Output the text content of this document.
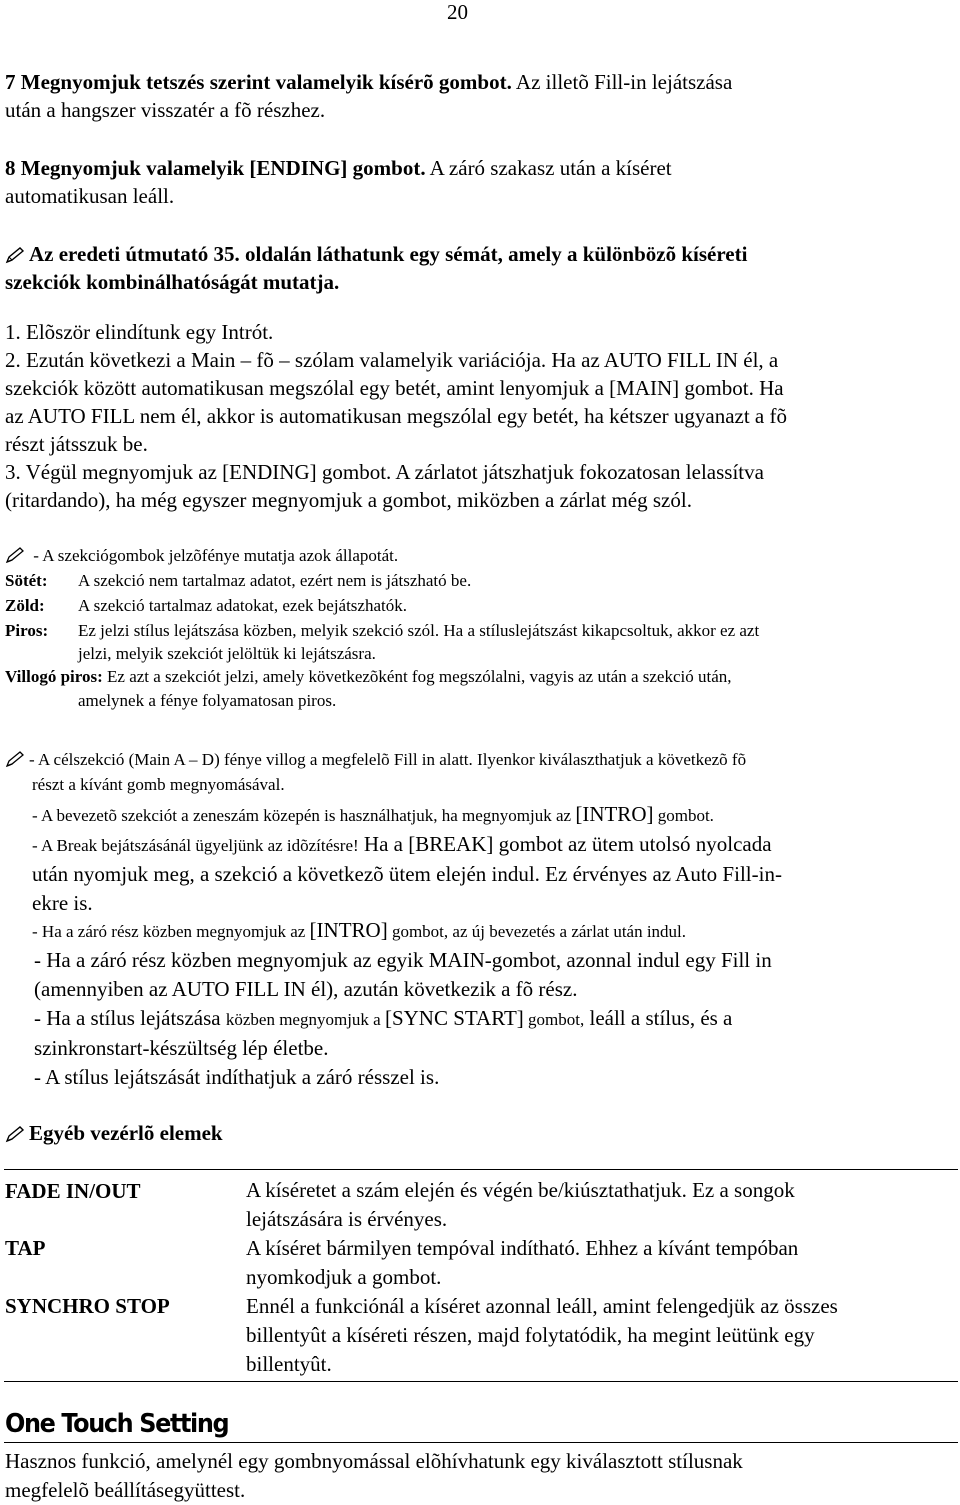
20
7 Megnyomjuk tetszés szerint valamelyik kísérõ gombot. Az illetõ Fill-in lejátszása
után a hangszer visszatér a fõ részhez.
8 Megnyomjuk valamelyik [ENDING] gombot. A záró szakasz után a kíséret
automatikusan leáll.
Az eredeti útmutató 35. oldalán láthatunk egy sémát, amely a különbözõ kíséreti
szekciók kombinálhatóságát mutatja.
1. Elõször elindítunk egy Intrót.
2. Ezután következi a Main – fõ – szólam valamelyik variációja. Ha az AUTO FILL IN él, a
szekciók között automatikusan megszólal egy betét, amint lenyomjuk a [MAIN] gombot. Ha
az AUTO FILL nem él, akkor is automatikusan megszólal egy betét, ha kétszer ugyanazt a fõ
részt játsszuk be.
3. Végül megnyomjuk az [ENDING] gombot. A zárlatot játszhatjuk fokozatosan lelassítva
(ritardando), ha még egyszer megnyomjuk a gombot, miközben a zárlat még szól.
- A szekciógombok jelzõfénye mutatja azok állapotát.
Sötét: A szekció nem tartalmaz adatot, ezért nem is játszható be.
Zöld: A szekció tartalmaz adatokat, ezek bejátszhatók.
Piros: Ez jelzi stílus lejátszása közben, melyik szekció szól. Ha a stíluslejátszást kikapcsoltuk, akkor ez azt
jelzi, melyik szekciót jelöltük ki lejátszásra.
Villogó piros: Ez azt a szekciót jelzi, amely következõként fog megszólalni, vagyis az után a szekció után,
amelynek a fénye folyamatosan piros.
- A célszekció (Main A – D) fénye villog a megfelelõ Fill in alatt. Ilyenkor kiválaszthatjuk a következõ fõ
részt a kívánt gomb megnyomásával.
- A bevezetõ szekciót a zeneszám közepén is használhatjuk, ha megnyomjuk az [INTRO] gombot.
- A Break bejátszásánál ügyeljünk az idõzítésre! Ha a [BREAK] gombot az ütem utolsó nyolcada
után nyomjuk meg, a szekció a következõ ütem elején indul. Ez érvényes az Auto Fill-in-
ekre is.
- Ha a záró rész közben megnyomjuk az [INTRO] gombot, az új bevezetés a zárlat után indul.
- Ha a záró rész közben megnyomjuk az egyik MAIN-gombot, azonnal indul egy Fill in
(amennyiben az AUTO FILL IN él), azután következik a fõ rész.
- Ha a stílus lejátszása közben megnyomjuk a [SYNC START] gombot, leáll a stílus, és a
szinkronstart-készültség lép életbe.
- A stílus lejátszását indíthatjuk a záró résszel is.
Egyéb vezérlõ elemek
FADE IN/OUT	A kíséretet a szám elején és végén be/kiúsztathatjuk. Ez a songok
lejátszására is érvényes.
TAP	A kíséret bármilyen tempóval indítható. Ehhez a kívánt tempóban
nyomkodjuk a gombot.
SYNCHRO STOP	Ennél a funkciónál a kíséret azonnal leáll, amint felengedjük az összes
billentyût a kíséreti részen, majd folytatódik, ha megint leütünk egy
billentyût.
One Touch Setting
Hasznos funkció, amelynél egy gombnyomással elõhívhatunk egy kiválasztott stílusnak
megfelelõ beállításegyüttest.
